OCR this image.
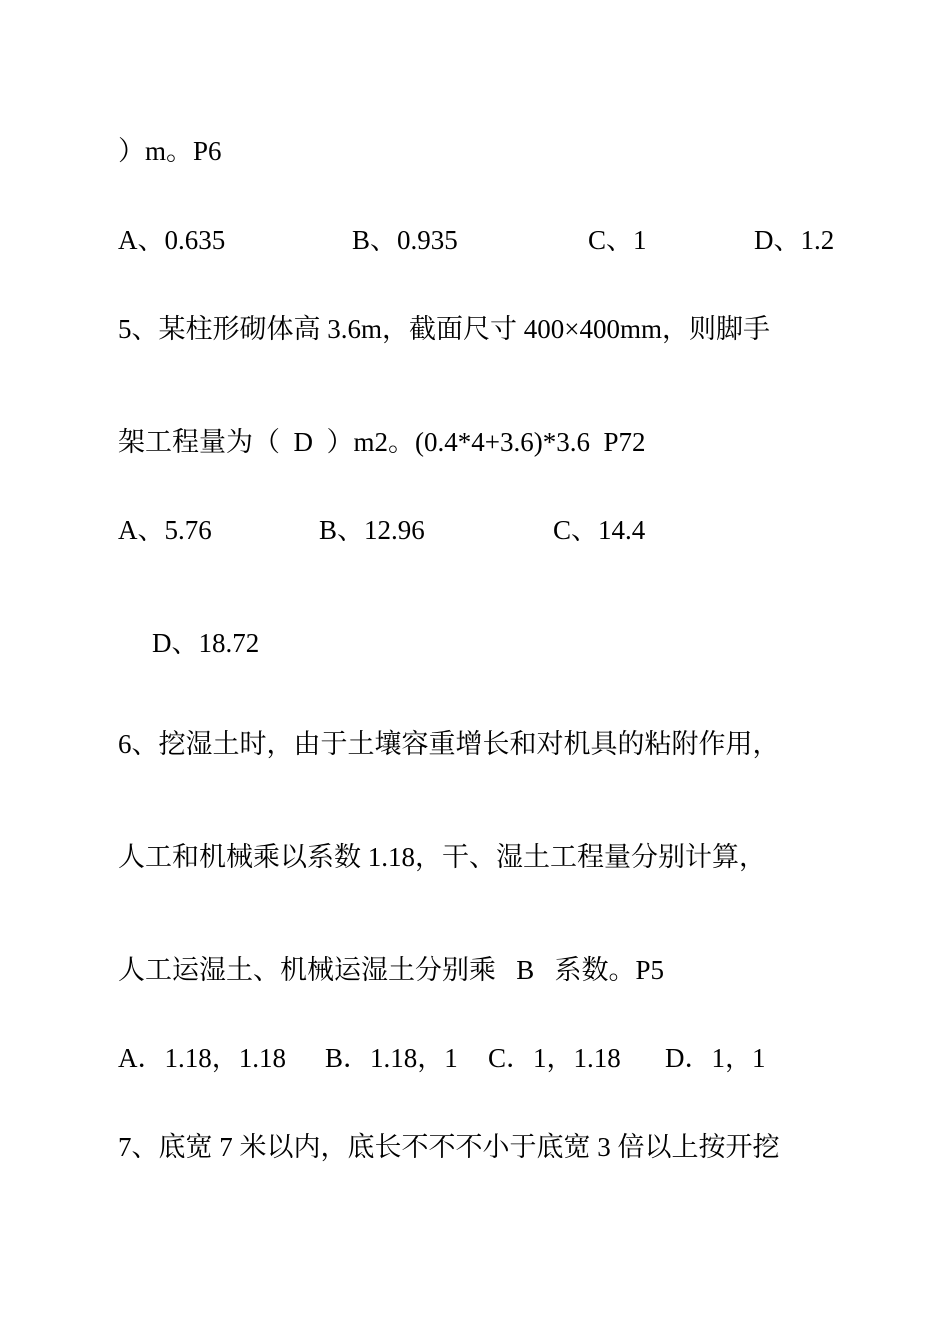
）m。P6
A、0.635	B、0.935	C、1	D、1.2
5、某柱形砌体高 3.6m，截面尺寸 400×400mm，则脚手
架工程量为（  D  ）m2。(0.4*4+3.6)*3.6  P72
A、5.76	B、12.96	C、14.4
D、18.72
6、挖湿土时，由于土壤容重增长和对机具的粘附作用，
人工和机械乘以系数 1.18，干、湿土工程量分别计算，
人工运湿土、机械运湿土分别乘   B   系数。P5
A．1.18，1.18 B．1.18，1 C．1，1.18 D．1，1
7、底宽 7 米以内，底长不不不小于底宽 3 倍以上按开挖
